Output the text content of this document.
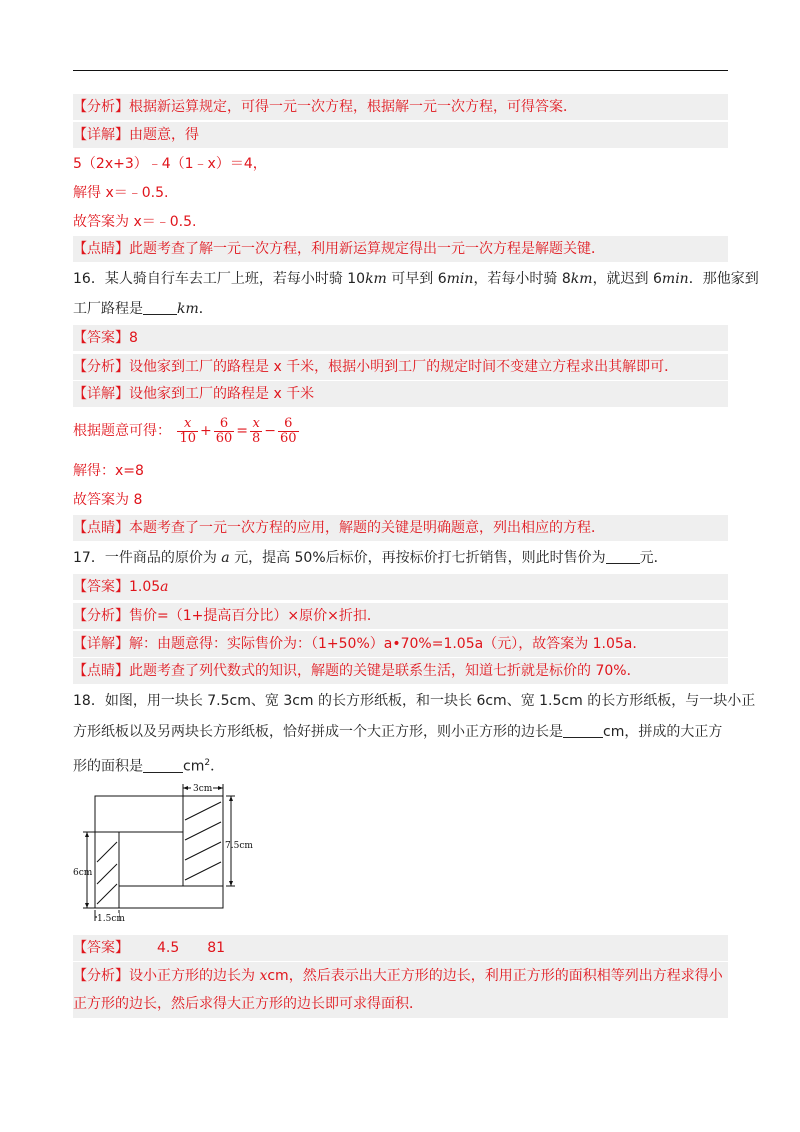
【分析】根据新运算规定，可得一元一次方程，根据解一元一次方程，可得答案．
【详解】由题意，得
5（2x+3）﹣4（1﹣x）＝4，
解得 x＝﹣0.5.
故答案为 x＝﹣0.5.
【点睛】此题考查了解一元一次方程，利用新运算规定得出一元一次方程是解题关键．
16．某人骑自行车去工厂上班，若每小时骑 10km 可早到 6min，若每小时骑 8km，就迟到 6min．那他家到
工厂路程是 km．
【答案】8
【分析】设他家到工厂的路程是 x 千米，根据小明到工厂的规定时间不变建立方程求出其解即可．
【详解】设他家到工厂的路程是 x 千米
根据题意可得： $\frac{x}{10} + \frac{6}{60} = \frac{x}{8} - \frac{6}{60}$
解得：x=8
故答案为 8
【点睛】本题考查了一元一次方程的应用，解题的关键是明确题意，列出相应的方程．
17．一件商品的原价为 a 元，提高 50%后标价，再按标价打七折销售，则此时售价为 元．
【答案】1.05a
【分析】售价=（1+提高百分比）×原价×折扣．
【详解】解：由题意得：实际售价为：（1+50%）a•70%=1.05a（元），故答案为 1.05a.
【点睛】此题考查了列代数式的知识，解题的关键是联系生活，知道七折就是标价的 70%．
18．如图，用一块长 7.5cm、宽 3cm 的长方形纸板，和一块长 6cm、宽 1.5cm 的长方形纸板，与一块小正
方形纸板以及另两块长方形纸板，恰好拼成一个大正方形，则小正方形的边长是	cm，拼成的大正方
形的面积是	$cm^2$．
3cm
7.5cm
6cm
1.5cm
【答案】 4.5 81
【分析】设小正方形的边长为 xcm，然后表示出大正方形的边长，利用正方形的面积相等列出方程求得小
正方形的边长，然后求得大正方形的边长即可求得面积．
